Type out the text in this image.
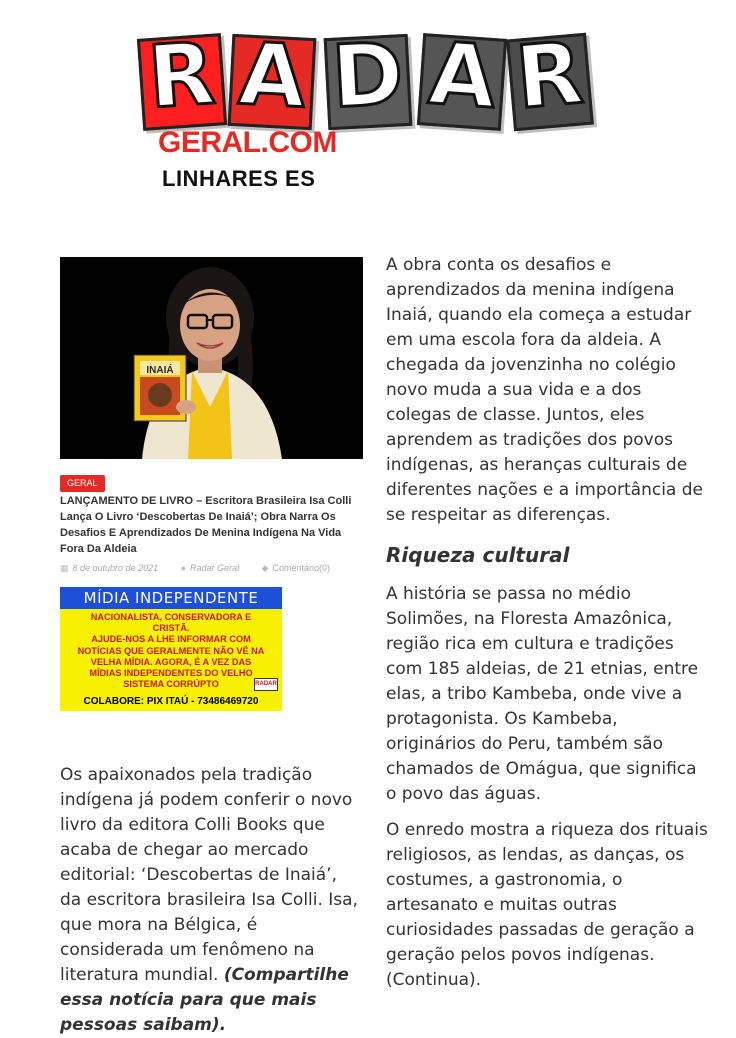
R A D A R
GERAL.COM
LINHARES ES
INAIÁ
GERAL
LANÇAMENTO DE LIVRO – Escritora Brasileira Isa Colli Lança O Livro ‘Descobertas De Inaiá’; Obra Narra Os Desafios E Aprendizados De Menina Indígena Na Vida Fora Da Aldeia
▦ 8 de outubro de 2021	● Radar Geral	◆ Comentário(0)
MÍDIA INDEPENDENTE
NACIONALISTA, CONSERVADORA E
CRISTÃ.
AJUDE-NOS A LHE INFORMAR COM
NOTÍCIAS QUE GERALMENTE NÃO VÊ NA
VELHA MÍDIA. AGORA, É A VEZ DAS
MÍDIAS INDEPENDENTES DO VELHO
SISTEMA CORRÚPTO	RADAR
COLABORE: PIX ITAÚ - 73486469720

Os apaixonados pela tradição indígena já podem conferir o novo livro da editora Colli Books que acaba de chegar ao mercado editorial: ‘Descobertas de Inaiá’, da escritora brasileira Isa Colli. Isa, que mora na Bélgica, é considerada um fenômeno na literatura mundial. (Compartilhe essa notícia para que mais pessoas saibam).

A obra conta os desafios e aprendizados da menina indígena Inaiá, quando ela começa a estudar em uma escola fora da aldeia. A chegada da jovenzinha no colégio novo muda a sua vida e a dos colegas de classe. Juntos, eles aprendem as tradições dos povos indígenas, as heranças culturais de diferentes nações e a importância de se respeitar as diferenças.

Riqueza cultural

A história se passa no médio Solimões, na Floresta Amazônica, região rica em cultura e tradições com 185 aldeias, de 21 etnias, entre elas, a tribo Kambeba, onde vive a protagonista. Os Kambeba, originários do Peru, também são chamados de Omágua, que significa o povo das águas.

O enredo mostra a riqueza dos rituais religiosos, as lendas, as danças, os costumes, a gastronomia, o artesanato e muitas outras curiosidades passadas de geração a geração pelos povos indígenas. (Continua).
